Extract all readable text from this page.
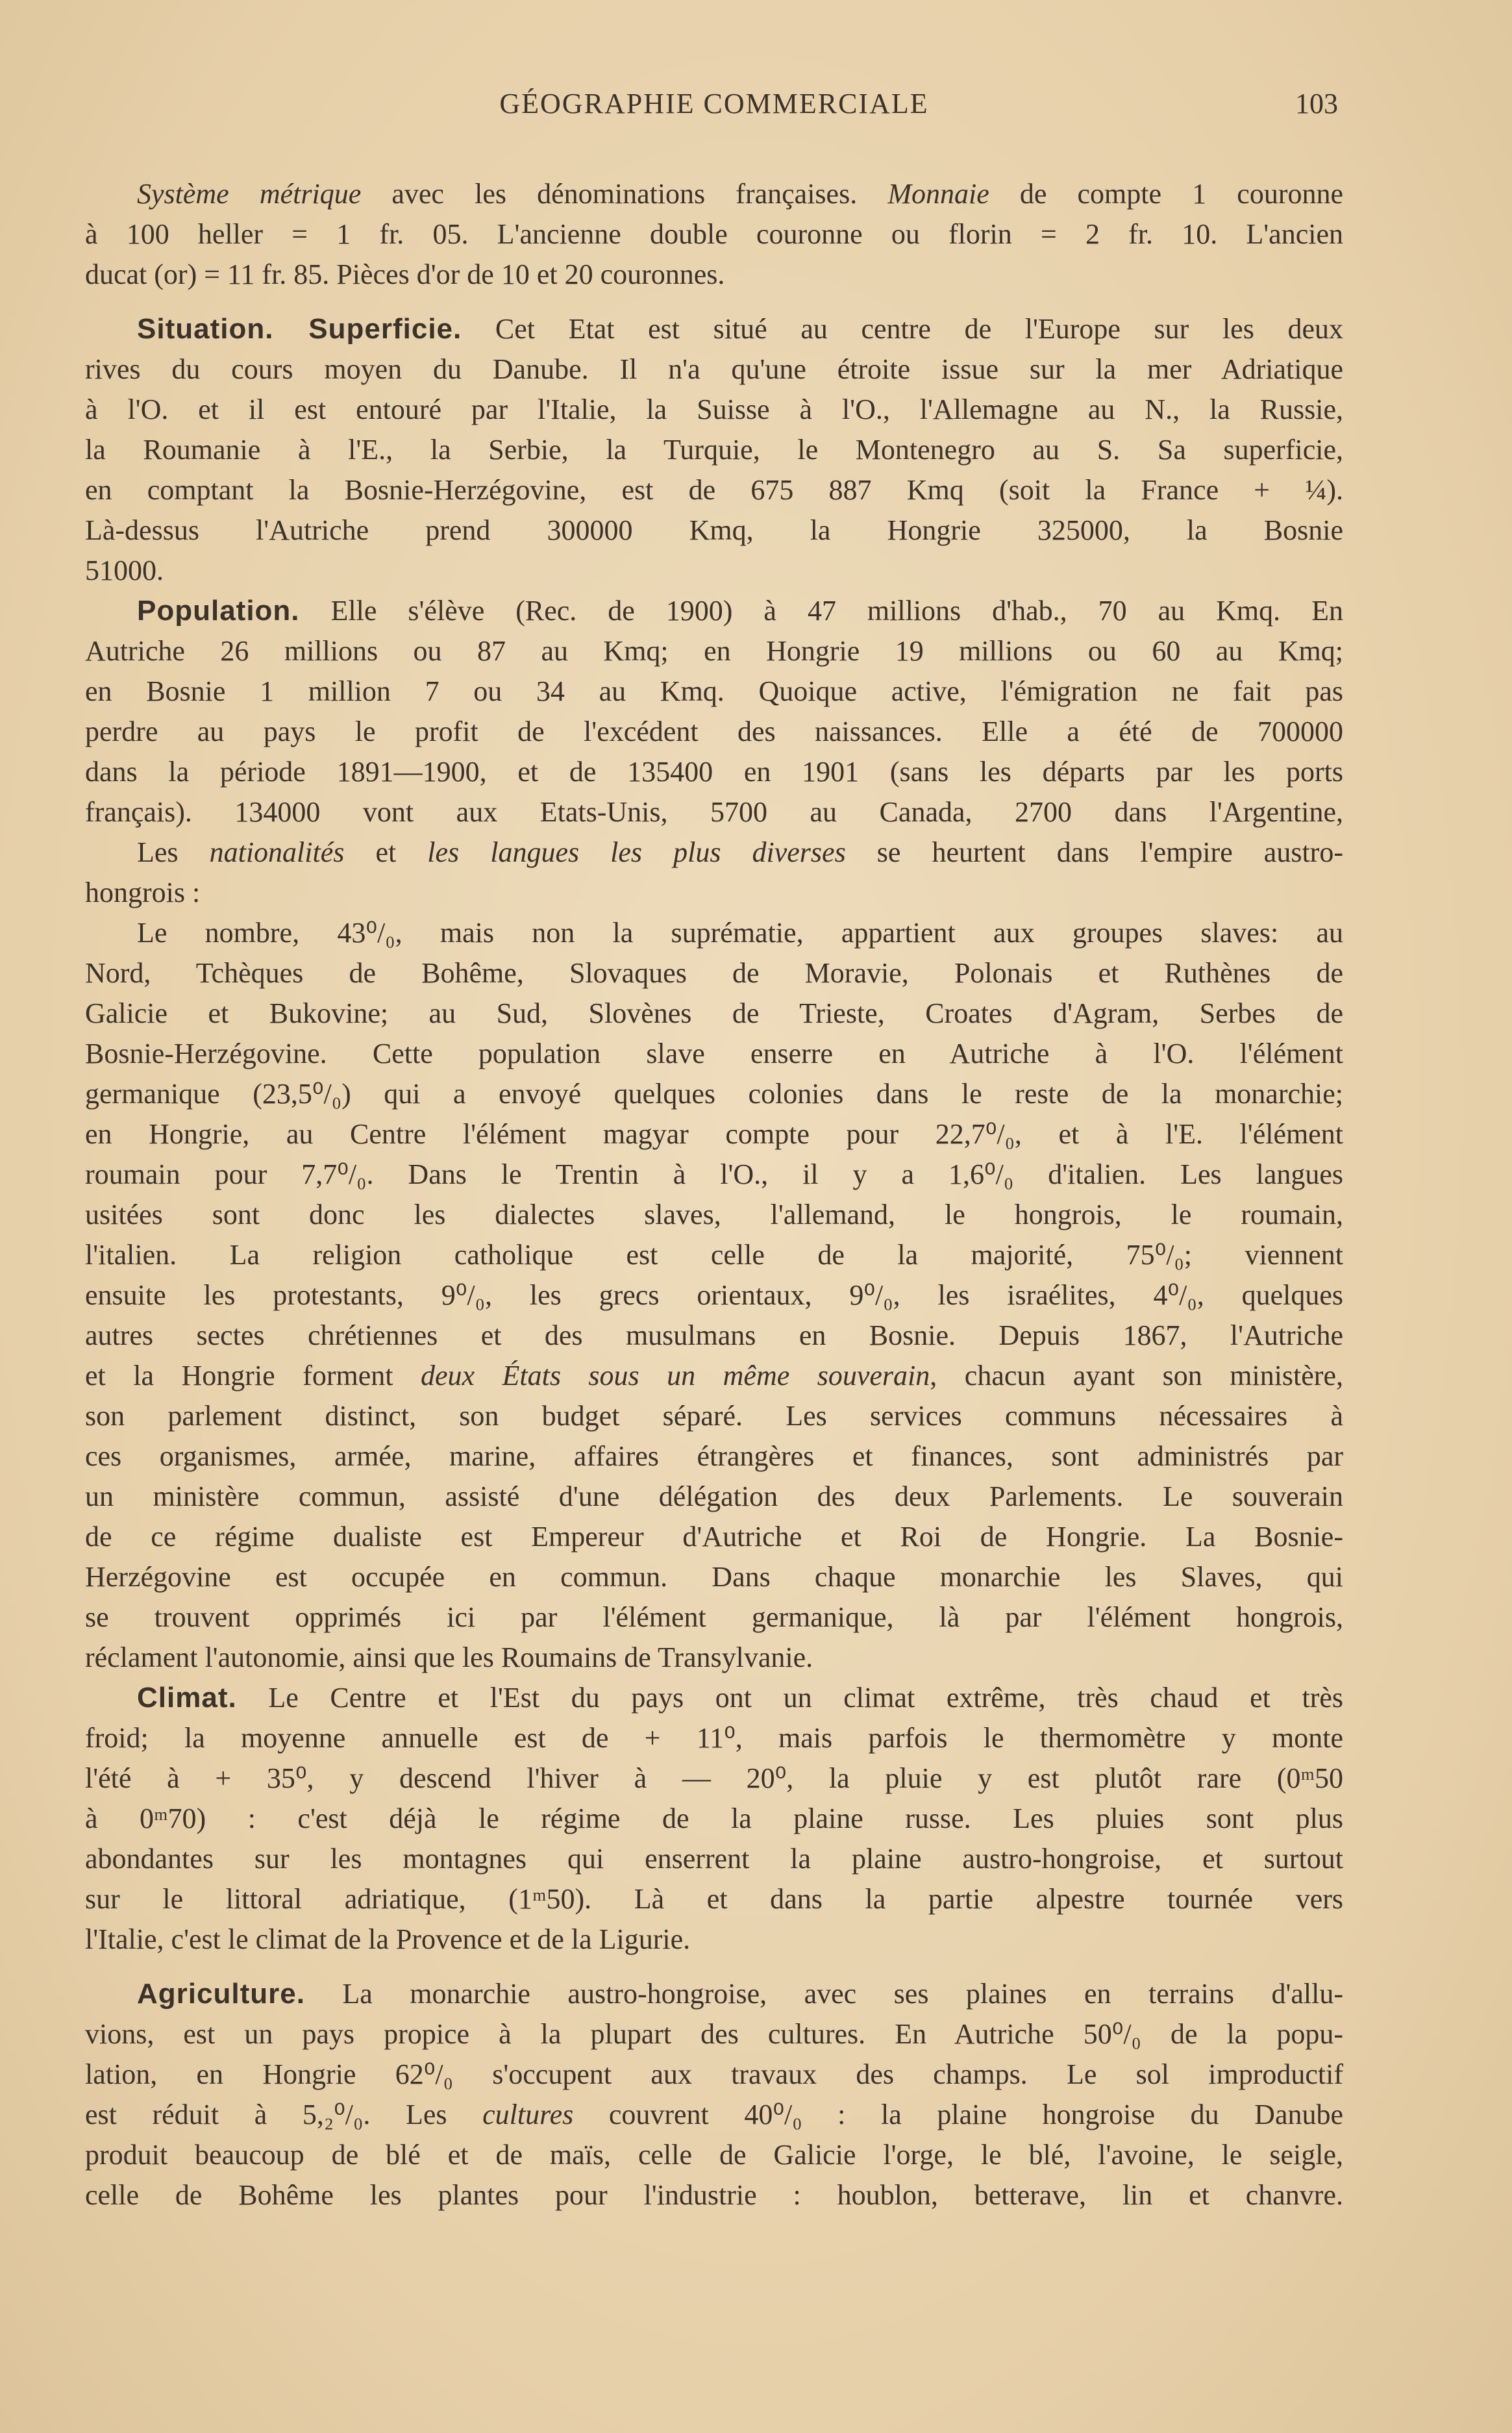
GÉOGRAPHIE COMMERCIALE	103
Système métrique avec les dénominations françaises. Monnaie de compte 1 couronne
à 100 heller = 1 fr. 05. L'ancienne double couronne ou florin = 2 fr. 10. L'ancien
ducat (or) = 11 fr. 85. Pièces d'or de 10 et 20 couronnes.
Situation. Superficie. Cet Etat est situé au centre de l'Europe sur les deux
rives du cours moyen du Danube. Il n'a qu'une étroite issue sur la mer Adriatique
à l'O. et il est entouré par l'Italie, la Suisse à l'O., l'Allemagne au N., la Russie,
la Roumanie à l'E., la Serbie, la Turquie, le Montenegro au S. Sa superficie,
en comptant la Bosnie-Herzégovine, est de 675 887 Kmq (soit la France + ¼).
Là-dessus l'Autriche prend 300000 Kmq, la Hongrie 325000, la Bosnie
51000.
Population. Elle s'élève (Rec. de 1900) à 47 millions d'hab., 70 au Kmq. En
Autriche 26 millions ou 87 au Kmq; en Hongrie 19 millions ou 60 au Kmq;
en Bosnie 1 million 7 ou 34 au Kmq. Quoique active, l'émigration ne fait pas
perdre au pays le profit de l'excédent des naissances. Elle a été de 700000
dans la période 1891—1900, et de 135400 en 1901 (sans les départs par les ports
français). 134000 vont aux Etats-Unis, 5700 au Canada, 2700 dans l'Argentine,
Les nationalités et les langues les plus diverses se heurtent dans l'empire austro-
hongrois :
Le nombre, 43⁰/₀, mais non la suprématie, appartient aux groupes slaves: au
Nord, Tchèques de Bohême, Slovaques de Moravie, Polonais et Ruthènes de
Galicie et Bukovine; au Sud, Slovènes de Trieste, Croates d'Agram, Serbes de
Bosnie-Herzégovine. Cette population slave enserre en Autriche à l'O. l'élément
germanique (23,5⁰/₀) qui a envoyé quelques colonies dans le reste de la monarchie;
en Hongrie, au Centre l'élément magyar compte pour 22,7⁰/₀, et à l'E. l'élément
roumain pour 7,7⁰/₀. Dans le Trentin à l'O., il y a 1,6⁰/₀ d'italien. Les langues
usitées sont donc les dialectes slaves, l'allemand, le hongrois, le roumain,
l'italien. La religion catholique est celle de la majorité, 75⁰/₀; viennent
ensuite les protestants, 9⁰/₀, les grecs orientaux, 9⁰/₀, les israélites, 4⁰/₀, quelques
autres sectes chrétiennes et des musulmans en Bosnie. Depuis 1867, l'Autriche
et la Hongrie forment deux États sous un même souverain, chacun ayant son ministère,
son parlement distinct, son budget séparé. Les services communs nécessaires à
ces organismes, armée, marine, affaires étrangères et finances, sont administrés par
un ministère commun, assisté d'une délégation des deux Parlements. Le souverain
de ce régime dualiste est Empereur d'Autriche et Roi de Hongrie. La Bosnie-
Herzégovine est occupée en commun. Dans chaque monarchie les Slaves, qui
se trouvent opprimés ici par l'élément germanique, là par l'élément hongrois,
réclament l'autonomie, ainsi que les Roumains de Transylvanie.
Climat. Le Centre et l'Est du pays ont un climat extrême, très chaud et très
froid; la moyenne annuelle est de + 11⁰, mais parfois le thermomètre y monte
l'été à + 35⁰, y descend l'hiver à — 20⁰, la pluie y est plutôt rare (0ᵐ50
à 0ᵐ70) : c'est déjà le régime de la plaine russe. Les pluies sont plus
abondantes sur les montagnes qui enserrent la plaine austro-hongroise, et surtout
sur le littoral adriatique, (1ᵐ50). Là et dans la partie alpestre tournée vers
l'Italie, c'est le climat de la Provence et de la Ligurie.
Agriculture. La monarchie austro-hongroise, avec ses plaines en terrains d'allu-
vions, est un pays propice à la plupart des cultures. En Autriche 50⁰/₀ de la popu-
lation, en Hongrie 62⁰/₀ s'occupent aux travaux des champs. Le sol improductif
est réduit à 5,₂⁰/₀. Les cultures couvrent 40⁰/₀ : la plaine hongroise du Danube
produit beaucoup de blé et de maïs, celle de Galicie l'orge, le blé, l'avoine, le seigle,
celle de Bohême les plantes pour l'industrie : houblon, betterave, lin et chanvre.
